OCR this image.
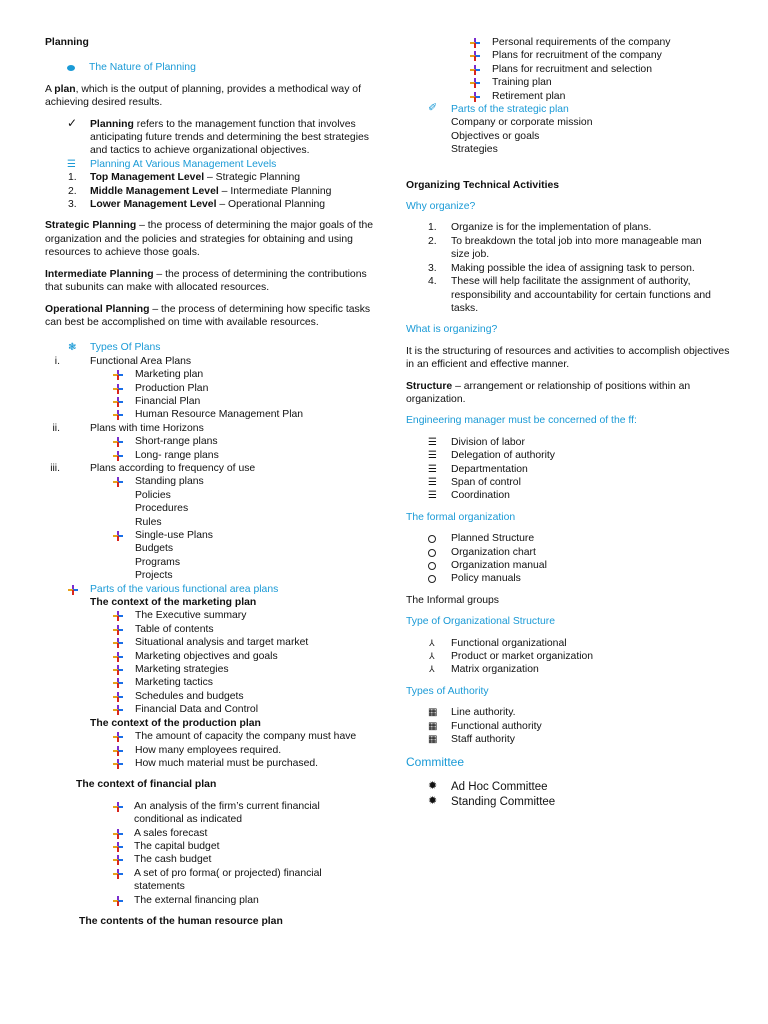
Planning
The Nature of Planning

A plan, which is the output of planning, provides a methodical way of achieving desired results.

✓ Planning refers to the management function that involves anticipating future trends and determining the best strategies and tactics to achieve organizational objectives.
☰ Planning At Various Management Levels
1. Top Management Level – Strategic Planning
2. Middle Management Level – Intermediate Planning
3. Lower Management Level – Operational Planning

Strategic Planning – the process of determining the major goals of the organization and the policies and strategies for obtaining and using resources to achieve those goals.

Intermediate Planning – the process of determining the contributions that subunits can make with allocated resources.

Operational Planning – the process of determining how specific tasks can best be accomplished on time with available resources.

❃ Types Of Plans
i.	Functional Area Plans
Marketing plan
Production Plan
Financial Plan
Human Resource Management Plan
ii.	Plans with time Horizons
Short-range plans
Long- range plans
iii.	Plans according to frequency of use
Standing plans
Policies
Procedures
Rules
Single-use Plans
Budgets
Programs
Projects
Parts of the various functional area plans
The context of the marketing plan
The Executive summary
Table of contents
Situational analysis and target market
Marketing objectives and goals
Marketing strategies
Marketing tactics
Schedules and budgets
Financial Data and Control
The context of the production plan
The amount of capacity the company must have
How many employees required.
How much material must be purchased.
The context of financial plan
An analysis of the firm’s current financial conditional as indicated
A sales forecast
The capital budget
The cash budget
A set of pro forma( or projected) financial statements
The external financing plan
The contents of the human resource plan
Personal requirements of the company
Plans for recruitment of the company
Plans for recruitment and selection
Training plan
Retirement plan
✐ Parts of the strategic plan
Company or corporate mission
Objectives or goals
Strategies
Organizing Technical Activities
Why organize?
1. Organize is for the implementation of plans.
2. To breakdown the total job into more manageable man size job.
3. Making possible the idea of assigning task to person.
4. These will help facilitate the assignment of authority, responsibility and accountability for certain functions and tasks.
What is organizing?

It is the structuring of resources and activities to accomplish objectives in an efficient and effective manner.

Structure – arrangement or relationship of positions within an organization.

Engineering manager must be concerned of the ff:
☰ Division of labor
☰ Delegation of authority
☰ Departmentation
☰ Span of control
☰ Coordination
The formal organization
Planned Structure
Organization chart
Organization manual
Policy manuals
The Informal groups
Type of Organizational Structure
⅄ Functional organizational
⅄ Product or market organization
⅄ Matrix organization
Types of Authority
▦ Line authority.
▦ Functional authority
▦ Staff authority
Committee
✹ Ad Hoc Committee
✹ Standing Committee
